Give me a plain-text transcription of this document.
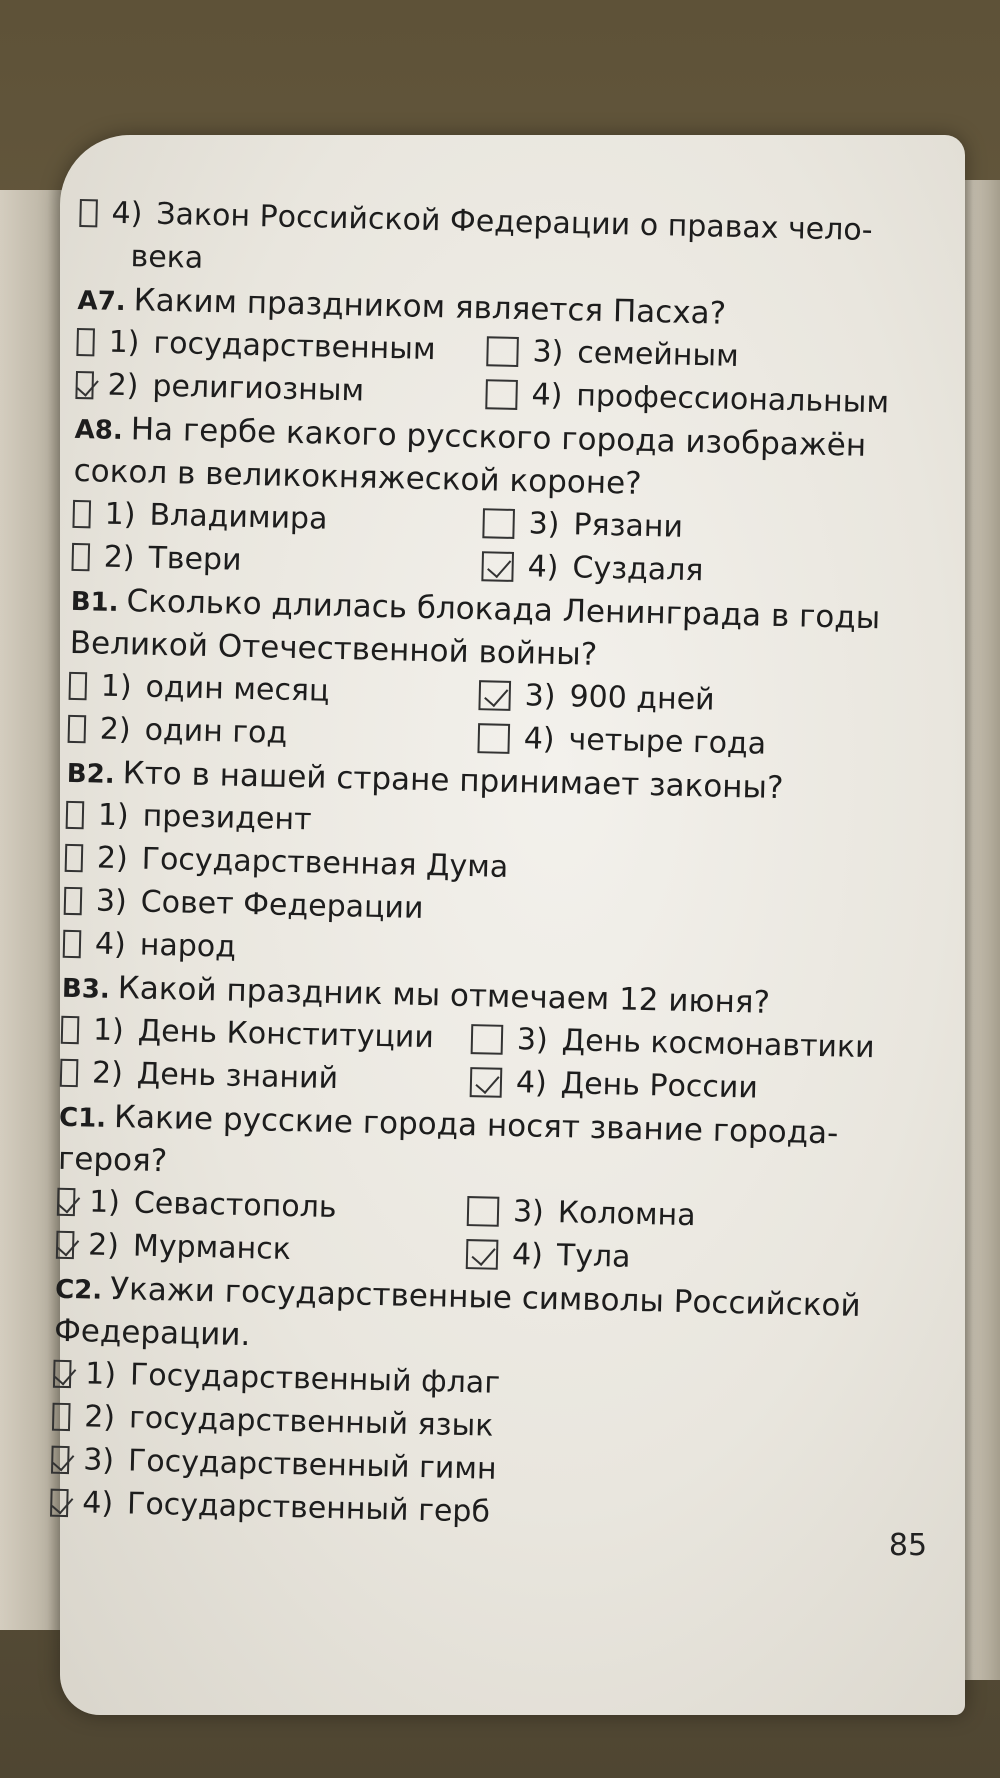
4) Закон Российской Федерации о правах чело-
века
A7. Каким праздником является Пасха?
1) государственным	3) семейным
2) религиозным	4) профессиональным
A8. На гербе какого русского города изображён
сокол в великокняжеской короне?
1) Владимира	3) Рязани
2) Твери	4) Суздаля
B1. Сколько длилась блокада Ленинграда в годы
Великой Отечественной войны?
1) один месяц	3) 900 дней
2) один год	4) четыре года
B2. Кто в нашей стране принимает законы?
1) президент
2) Государственная Дума
3) Совет Федерации
4) народ
B3. Какой праздник мы отмечаем 12 июня?
1) День Конституции	3) День космонавтики
2) День знаний	4) День России
C1. Какие русские города носят звание города-
героя?
1) Севастополь	3) Коломна
2) Мурманск	4) Тула
C2. Укажи государственные символы Российской
Федерации.
1) Государственный флаг
2) государственный язык
3) Государственный гимн
4) Государственный герб
85
